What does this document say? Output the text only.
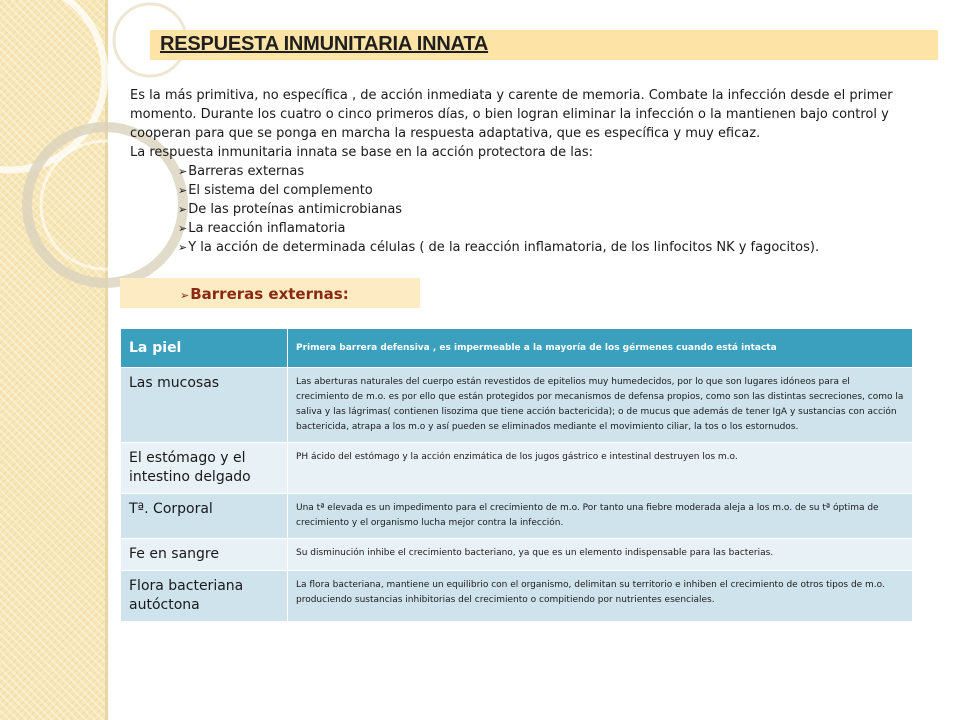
RESPUESTA INMUNITARIA INNATA
Es la más primitiva, no específica , de acción inmediata y carente de memoria. Combate la infección desde el primer momento. Durante los cuatro o cinco primeros días, o bien logran eliminar la infección o la mantienen bajo control y cooperan para que se ponga en marcha la respuesta adaptativa, que es específica y muy eficaz.
La respuesta inmunitaria innata se base en la acción protectora de las:
➢Barreras externas
➢El sistema del complemento
➢De las proteínas antimicrobianas
➢La reacción inflamatoria
➢Y la acción de determinada células ( de la reacción inflamatoria, de los linfocitos NK y fagocitos).
➢Barreras externas:
La piel	Primera barrera defensiva , es impermeable a la mayoría de los gérmenes cuando está intacta
Las mucosas	Las aberturas naturales del cuerpo están revestidos de epitelios muy humedecidos, por lo que son lugares idóneos para el crecimiento de m.o. es por ello que están protegidos por mecanismos de defensa propios, como son las distintas secreciones, como la saliva y las lágrimas( contienen lisozima que tiene acción bactericida); o de mucus que además de tener IgA y sustancias con acción bactericida, atrapa a los m.o y así pueden se eliminados mediante el movimiento ciliar, la tos o los estornudos.
El estómago y el intestino delgado	PH ácido del estómago y la acción enzimática de los jugos gástrico e intestinal destruyen los m.o.
Tª. Corporal	Una tª elevada es un impedimento para el crecimiento de m.o. Por tanto una fiebre moderada aleja a los m.o. de su tª óptima de crecimiento y el organismo lucha mejor contra la infección.
Fe en sangre	Su disminución inhibe el crecimiento bacteriano, ya que es un elemento indispensable para las bacterias.
Flora bacteriana autóctona	La flora bacteriana, mantiene un equilibrio con el organismo, delimitan su territorio e inhiben el crecimiento de otros tipos de m.o. produciendo sustancias inhibitorias del crecimiento o compitiendo por nutrientes esenciales.
